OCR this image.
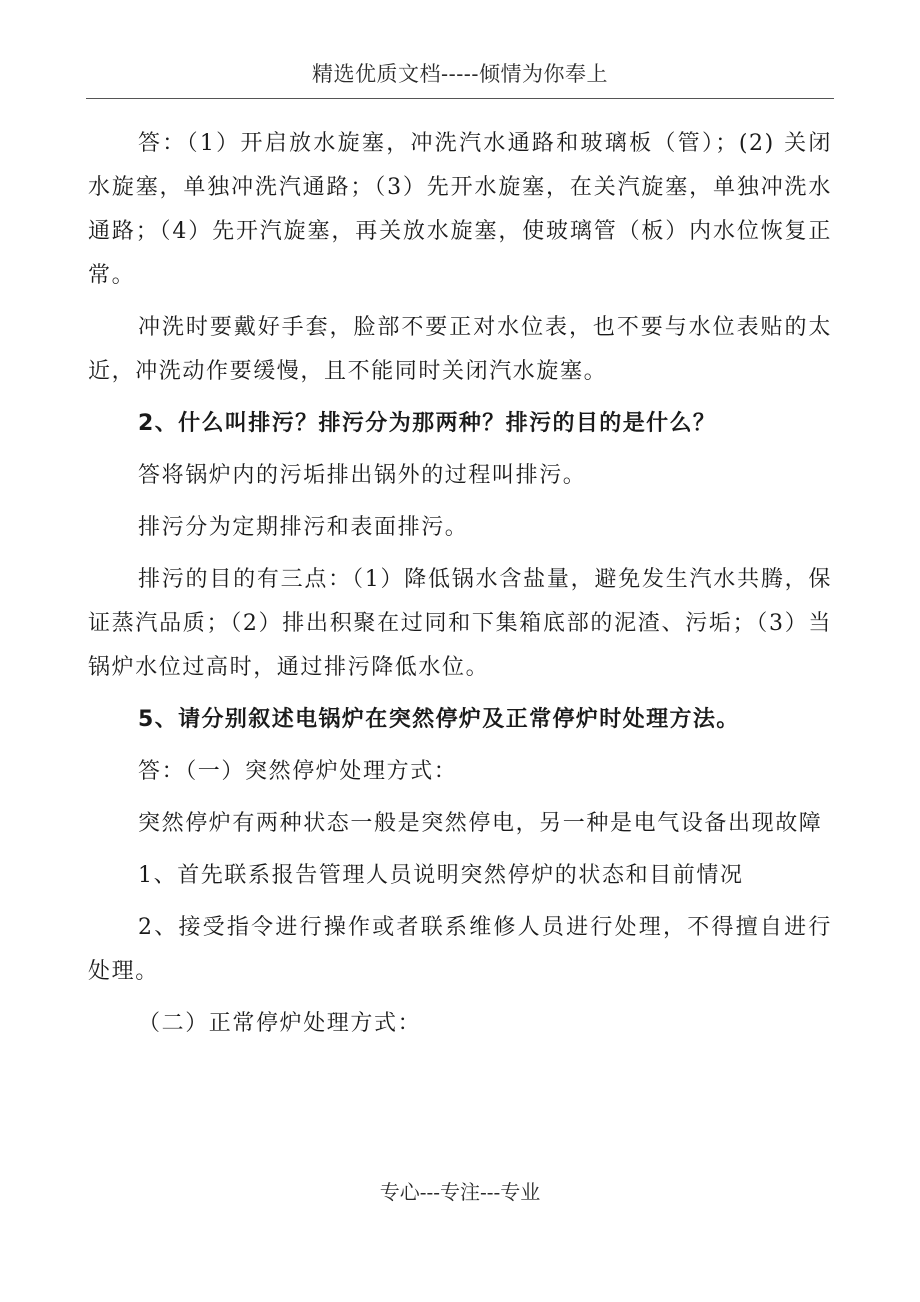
精选优质文档-----倾情为你奉上

答：（1）开启放水旋塞，冲洗汽水通路和玻璃板（管）；(2) 关闭水旋塞，单独冲洗汽通路；（3）先开水旋塞，在关汽旋塞，单独冲洗水通路；（4）先开汽旋塞，再关放水旋塞，使玻璃管（板）内水位恢复正常。

冲洗时要戴好手套，脸部不要正对水位表，也不要与水位表贴的太近，冲洗动作要缓慢，且不能同时关闭汽水旋塞。

2、什么叫排污？排污分为那两种？排污的目的是什么？

答将锅炉内的污垢排出锅外的过程叫排污。

排污分为定期排污和表面排污。

排污的目的有三点：（1）降低锅水含盐量，避免发生汽水共腾，保证蒸汽品质；（2）排出积聚在过同和下集箱底部的泥渣、污垢；（3）当锅炉水位过高时，通过排污降低水位。

5、请分别叙述电锅炉在突然停炉及正常停炉时处理方法。

答：（一）突然停炉处理方式：

突然停炉有两种状态一般是突然停电，另一种是电气设备出现故障

1、首先联系报告管理人员说明突然停炉的状态和目前情况

2、接受指令进行操作或者联系维修人员进行处理，不得擅自进行处理。

（二）正常停炉处理方式：

专心---专注---专业
